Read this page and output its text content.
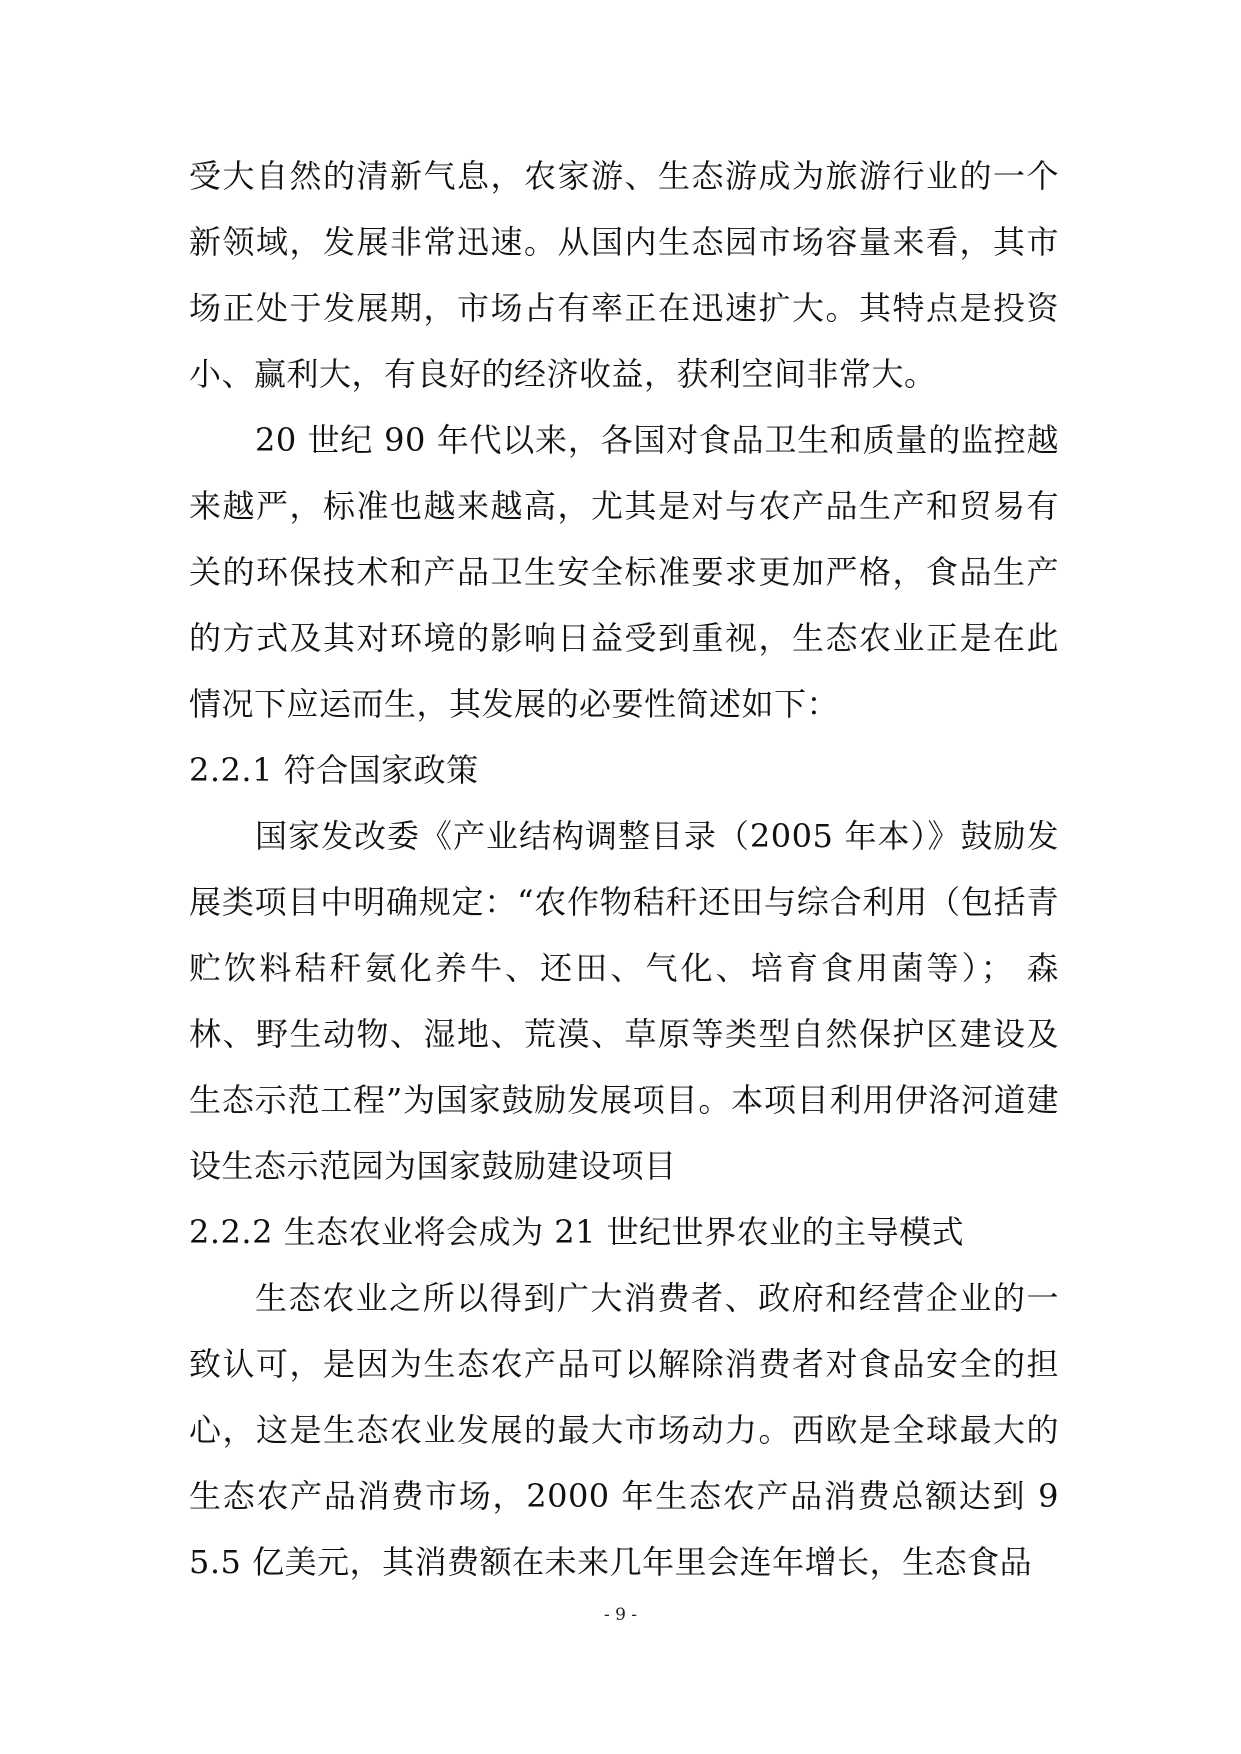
受大自然的清新气息，农家游、生态游成为旅游行业的一个新领域，发展非常迅速。从国内生态园市场容量来看，其市场正处于发展期，市场占有率正在迅速扩大。其特点是投资小、赢利大，有良好的经济收益，获利空间非常大。

20 世纪 90 年代以来，各国对食品卫生和质量的监控越来越严，标准也越来越高，尤其是对与农产品生产和贸易有关的环保技术和产品卫生安全标准要求更加严格，食品生产的方式及其对环境的影响日益受到重视，生态农业正是在此情况下应运而生，其发展的必要性简述如下：

2.2.1 符合国家政策

国家发改委《产业结构调整目录（2005 年本）》鼓励发展类项目中明确规定：“农作物秸秆还田与综合利用（包括青贮饮料秸秆氨化养牛、还田、气化、培育食用菌等）； 森林、野生动物、湿地、荒漠、草原等类型自然保护区建设及生态示范工程”为国家鼓励发展项目。本项目利用伊洛河道建设生态示范园为国家鼓励建设项目

2.2.2 生态农业将会成为 21 世纪世界农业的主导模式

生态农业之所以得到广大消费者、政府和经营企业的一致认可，是因为生态农产品可以解除消费者对食品安全的担心，这是生态农业发展的最大市场动力。西欧是全球最大的生态农产品消费市场，2000 年生态农产品消费总额达到 95.5 亿美元，其消费额在未来几年里会连年增长，生态食品

- 9 -
